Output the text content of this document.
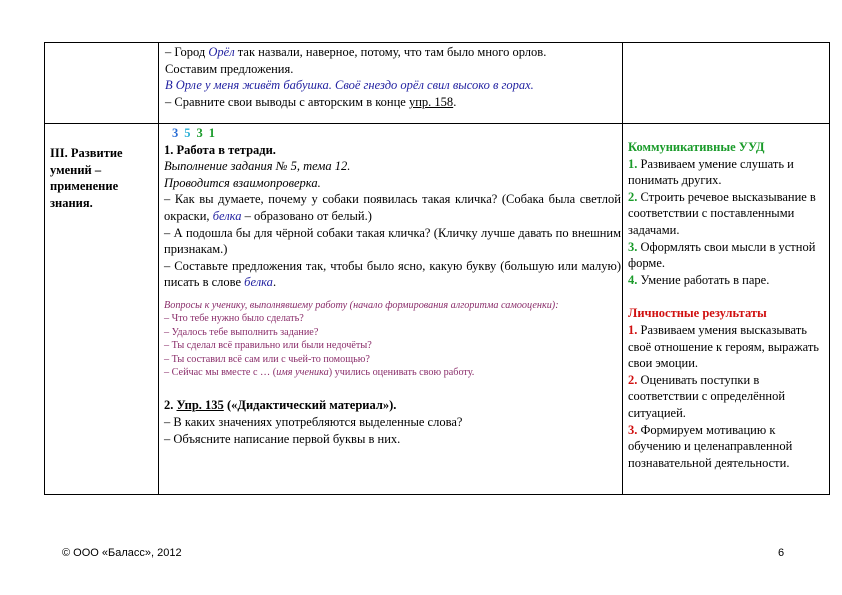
– Город Орёл так назвали, наверное, потому, что там было много орлов.

Составим предложения.

В Орле у меня живёт бабушка. Своё гнездо орёл свил высоко в горах.

– Сравните свои выводы с авторским в конце упр. 158.

III. Развитие умений – применение знания.

3 5 3 1

1. Работа в тетради.

Выполнение задания № 5, тема 12.

Проводится взаимопроверка.

– Как вы думаете, почему у собаки появилась такая кличка? (Собака была светлой окраски, белка – образовано от белый.)

– А подошла бы для чёрной собаки такая кличка? (Кличку лучше давать по внешним признакам.)

– Составьте предложения так, чтобы было ясно, какую букву (большую или малую) писать в слове белка.

Вопросы к ученику, выполнявшему работу (начало формирования алгоритма самооценки):

– Что тебе нужно было сделать?

– Удалось тебе выполнить задание?

– Ты сделал всё правильно или были недочёты?

– Ты составил всё сам или с чьей-то помощью?

– Сейчас мы вместе с … (имя ученика) учились оценивать свою работу.

2. Упр. 135 («Дидактический материал»).

– В каких значениях употребляются выделенные слова?

– Объясните написание первой буквы в них.

Коммуникативные УУД

1. Развиваем умение слушать и понимать других.

2. Строить речевое высказывание в соответствии с поставленными задачами.

3. Оформлять свои мысли в устной форме.

4. Умение работать в паре.

Личностные результаты

1. Развиваем умения высказывать своё отношение к героям, выражать свои эмоции.

2. Оценивать поступки в соответствии с определённой ситуацией.

3. Формируем мотивацию к обучению и целенаправленной познавательной деятельности.

© ООО «Баласс», 2012	6
